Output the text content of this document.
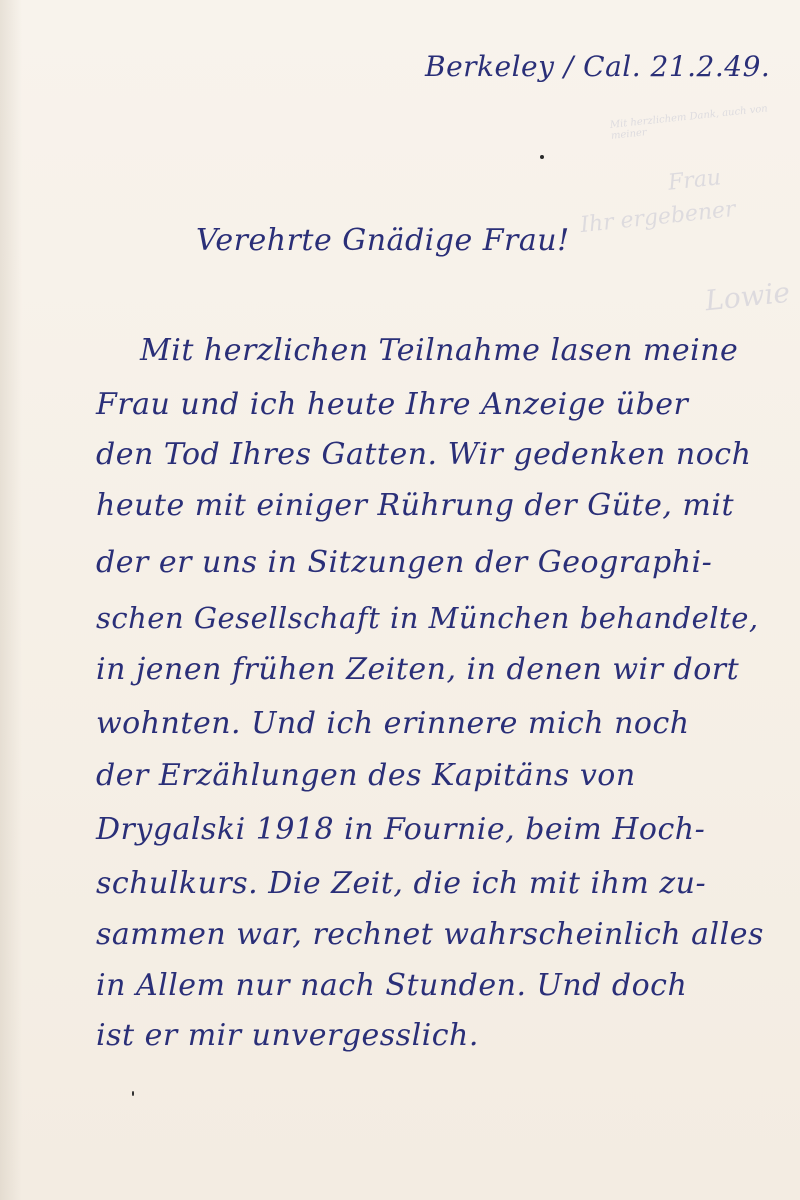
Mit herzlichem Dank, auch von meiner
Frau
Ihr ergebener
Lowie
Berkeley / Cal. 21.2.49.
Verehrte Gnädige Frau!
Mit herzlichen Teilnahme lasen meine
Frau und ich heute Ihre Anzeige über
den Tod Ihres Gatten. Wir gedenken noch
heute mit einiger Rührung der Güte, mit
der er uns in Sitzungen der Geographi-
schen Gesellschaft in München behandelte,
in jenen frühen Zeiten, in denen wir dort
wohnten. Und ich erinnere mich noch
der Erzählungen des Kapitäns von
Drygalski 1918 in Fournie, beim Hoch-
schulkurs. Die Zeit, die ich mit ihm zu-
sammen war, rechnet wahrscheinlich alles
in Allem nur nach Stunden. Und doch
ist er mir unvergesslich.
